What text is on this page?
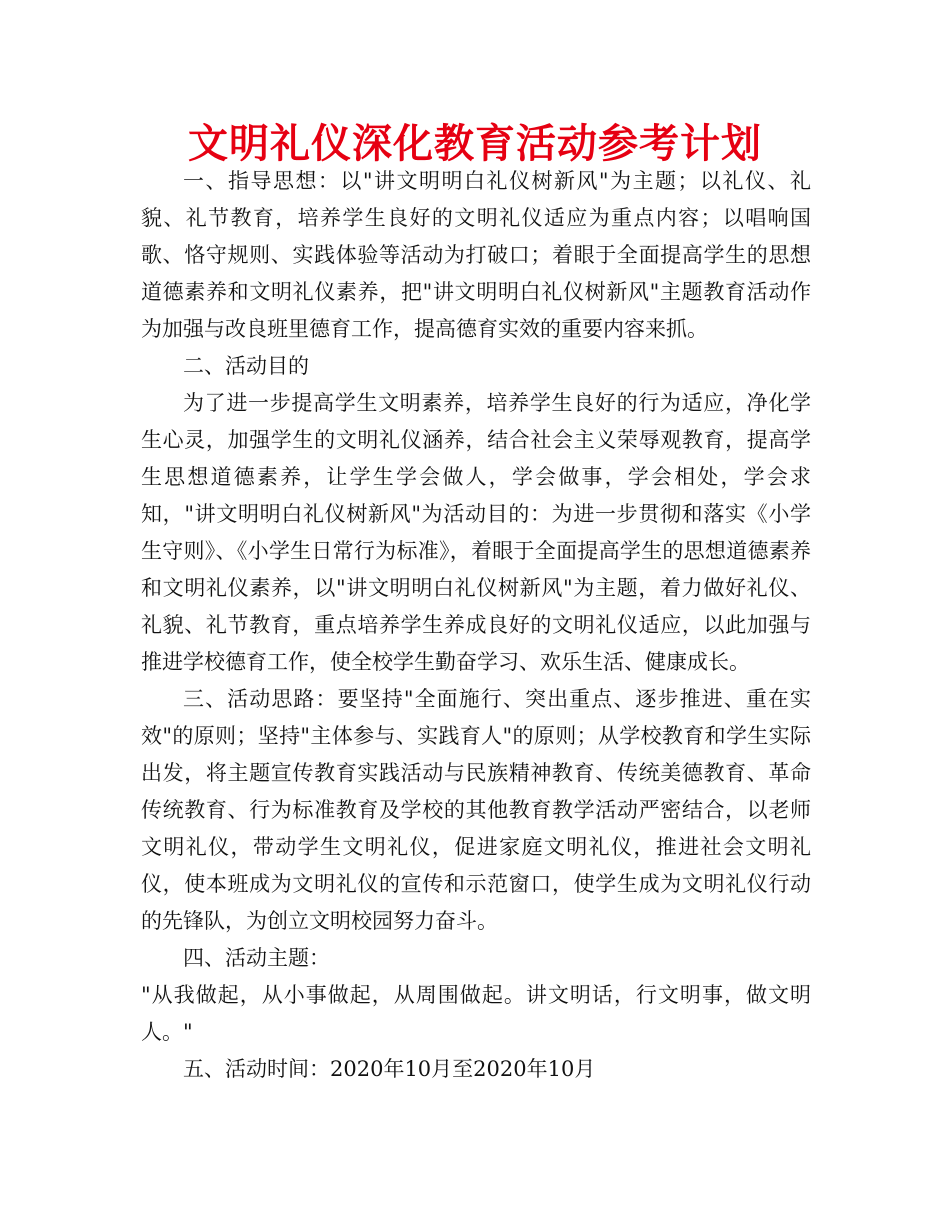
文明礼仪深化教育活动参考计划

一、指导思想：以"讲文明明白礼仪树新风"为主题；以礼仪、礼貌、礼节教育，培养学生良好的文明礼仪适应为重点内容；以唱响国歌、恪守规则、实践体验等活动为打破口；着眼于全面提高学生的思想道德素养和文明礼仪素养，把"讲文明明白礼仪树新风"主题教育活动作为加强与改良班里德育工作，提高德育实效的重要内容来抓。

二、活动目的

为了进一步提高学生文明素养，培养学生良好的行为适应，净化学生心灵，加强学生的文明礼仪涵养，结合社会主义荣辱观教育，提高学生思想道德素养，让学生学会做人，学会做事，学会相处，学会求知，"讲文明明白礼仪树新风"为活动目的：为进一步贯彻和落实《小学生守则》、《小学生日常行为标准》，着眼于全面提高学生的思想道德素养和文明礼仪素养，以"讲文明明白礼仪树新风"为主题，着力做好礼仪、礼貌、礼节教育，重点培养学生养成良好的文明礼仪适应，以此加强与推进学校德育工作，使全校学生勤奋学习、欢乐生活、健康成长。

三、活动思路：要坚持"全面施行、突出重点、逐步推进、重在实效"的原则；坚持"主体参与、实践育人"的原则；从学校教育和学生实际出发，将主题宣传教育实践活动与民族精神教育、传统美德教育、革命传统教育、行为标准教育及学校的其他教育教学活动严密结合，以老师文明礼仪，带动学生文明礼仪，促进家庭文明礼仪，推进社会文明礼仪，使本班成为文明礼仪的宣传和示范窗口，使学生成为文明礼仪行动的先锋队，为创立文明校园努力奋斗。

四、活动主题：

"从我做起，从小事做起，从周围做起。讲文明话，行文明事，做文明人。"

五、活动时间：2020年10月至2020年10月
